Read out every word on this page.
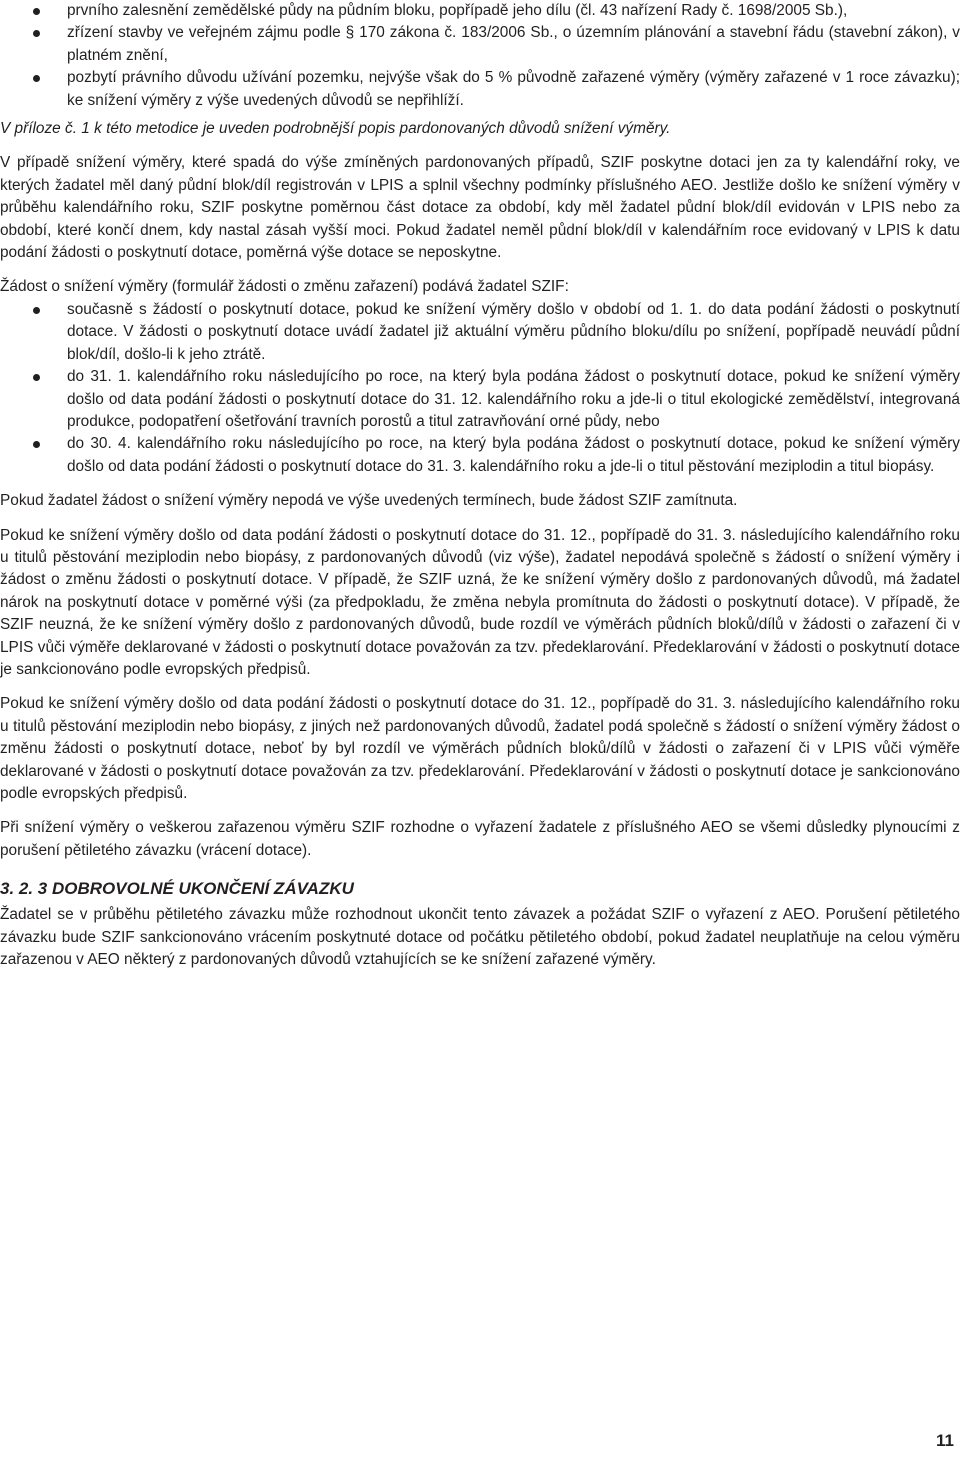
prvního zalesnění zemědělské půdy na půdním bloku, popřípadě jeho dílu (čl. 43 nařízení Rady č. 1698/2005 Sb.),
zřízení stavby ve veřejném zájmu podle § 170 zákona č. 183/2006 Sb., o územním plánování a stavební řádu (stavební zákon), v platném znění,
pozbytí právního důvodu užívání pozemku, nejvýše však do 5 % původně zařazené výměry (výměry zařazené v 1 roce závazku); ke snížení výměry z výše uvedených důvodů se nepřihlíží.

V příloze č. 1 k této metodice je uveden podrobnější popis pardonovaných důvodů snížení výměry.

V případě snížení výměry, které spadá do výše zmíněných pardonovaných případů, SZIF poskytne dotaci jen za ty kalendářní roky, ve kterých žadatel měl daný půdní blok/díl registrován v LPIS a splnil všechny podmínky příslušného AEO. Jestliže došlo ke snížení výměry v průběhu kalendářního roku, SZIF poskytne poměrnou část dotace za období, kdy měl žadatel půdní blok/díl evidován v LPIS nebo za období, které končí dnem, kdy nastal zásah vyšší moci. Pokud žadatel neměl půdní blok/díl v kalendářním roce evidovaný v LPIS k datu podání žádosti o poskytnutí dotace, poměrná výše dotace se neposkytne.

Žádost o snížení výměry (formulář žádosti o změnu zařazení) podává žadatel SZIF:

současně s žádostí o poskytnutí dotace, pokud ke snížení výměry došlo v období od 1. 1. do data podání žádosti o poskytnutí dotace. V žádosti o poskytnutí dotace uvádí žadatel již aktuální výměru půdního bloku/dílu po snížení, popřípadě neuvádí půdní blok/díl, došlo-li k jeho ztrátě.
do 31. 1. kalendářního roku následujícího po roce, na který byla podána žádost o poskytnutí dotace, pokud ke snížení výměry došlo od data podání žádosti o poskytnutí dotace do 31. 12. kalendářního roku a jde-li o titul ekologické zemědělství, integrovaná produkce, podopatření ošetřování travních porostů a titul zatravňování orné půdy, nebo
do 30. 4. kalendářního roku následujícího po roce, na který byla podána žádost o poskytnutí dotace, pokud ke snížení výměry došlo od data podání žádosti o poskytnutí dotace do 31. 3. kalendářního roku a jde-li o titul pěstování meziplodin a titul biopásy.

Pokud žadatel žádost o snížení výměry nepodá ve výše uvedených termínech, bude žádost SZIF zamítnuta.

Pokud ke snížení výměry došlo od data podání žádosti o poskytnutí dotace do 31. 12., popřípadě do 31. 3. následujícího kalendářního roku u titulů pěstování meziplodin nebo biopásy, z pardonovaných důvodů (viz výše), žadatel nepodává společně s žádostí o snížení výměry i žádost o změnu žádosti o poskytnutí dotace. V případě, že SZIF uzná, že ke snížení výměry došlo z pardonovaných důvodů, má žadatel nárok na poskytnutí dotace v poměrné výši (za předpokladu, že změna nebyla promítnuta do žádosti o poskytnutí dotace). V případě, že SZIF neuzná, že ke snížení výměry došlo z pardonovaných důvodů, bude rozdíl ve výměrách půdních bloků/dílů v žádosti o zařazení či v LPIS vůči výměře deklarované v žádosti o poskytnutí dotace považován za tzv. předeklarování. Předeklarování v žádosti o poskytnutí dotace je sankcionováno podle evropských předpisů.

Pokud ke snížení výměry došlo od data podání žádosti o poskytnutí dotace do 31. 12., popřípadě do 31. 3. následujícího kalendářního roku u titulů pěstování meziplodin nebo biopásy, z jiných než pardonovaných důvodů, žadatel podá společně s žádostí o snížení výměry žádost o změnu žádosti o poskytnutí dotace, neboť by byl rozdíl ve výměrách půdních bloků/dílů v žádosti o zařazení či v LPIS vůči výměře deklarované v žádosti o poskytnutí dotace považován za tzv. předeklarování. Předeklarování v žádosti o poskytnutí dotace je sankcionováno podle evropských předpisů.

Při snížení výměry o veškerou zařazenou výměru SZIF rozhodne o vyřazení žadatele z příslušného AEO se všemi důsledky plynoucími z porušení pětiletého závazku (vrácení dotace).

3. 2. 3 DOBROVOLNÉ UKONČENÍ ZÁVAZKU

Žadatel se v průběhu pětiletého závazku může rozhodnout ukončit tento závazek a požádat SZIF o vyřazení z AEO. Porušení pětiletého závazku bude SZIF sankcionováno vrácením poskytnuté dotace od počátku pětiletého období, pokud žadatel neuplatňuje na celou výměru zařazenou v AEO některý z pardonovaných důvodů vztahujících se ke snížení zařazené výměry.

11
